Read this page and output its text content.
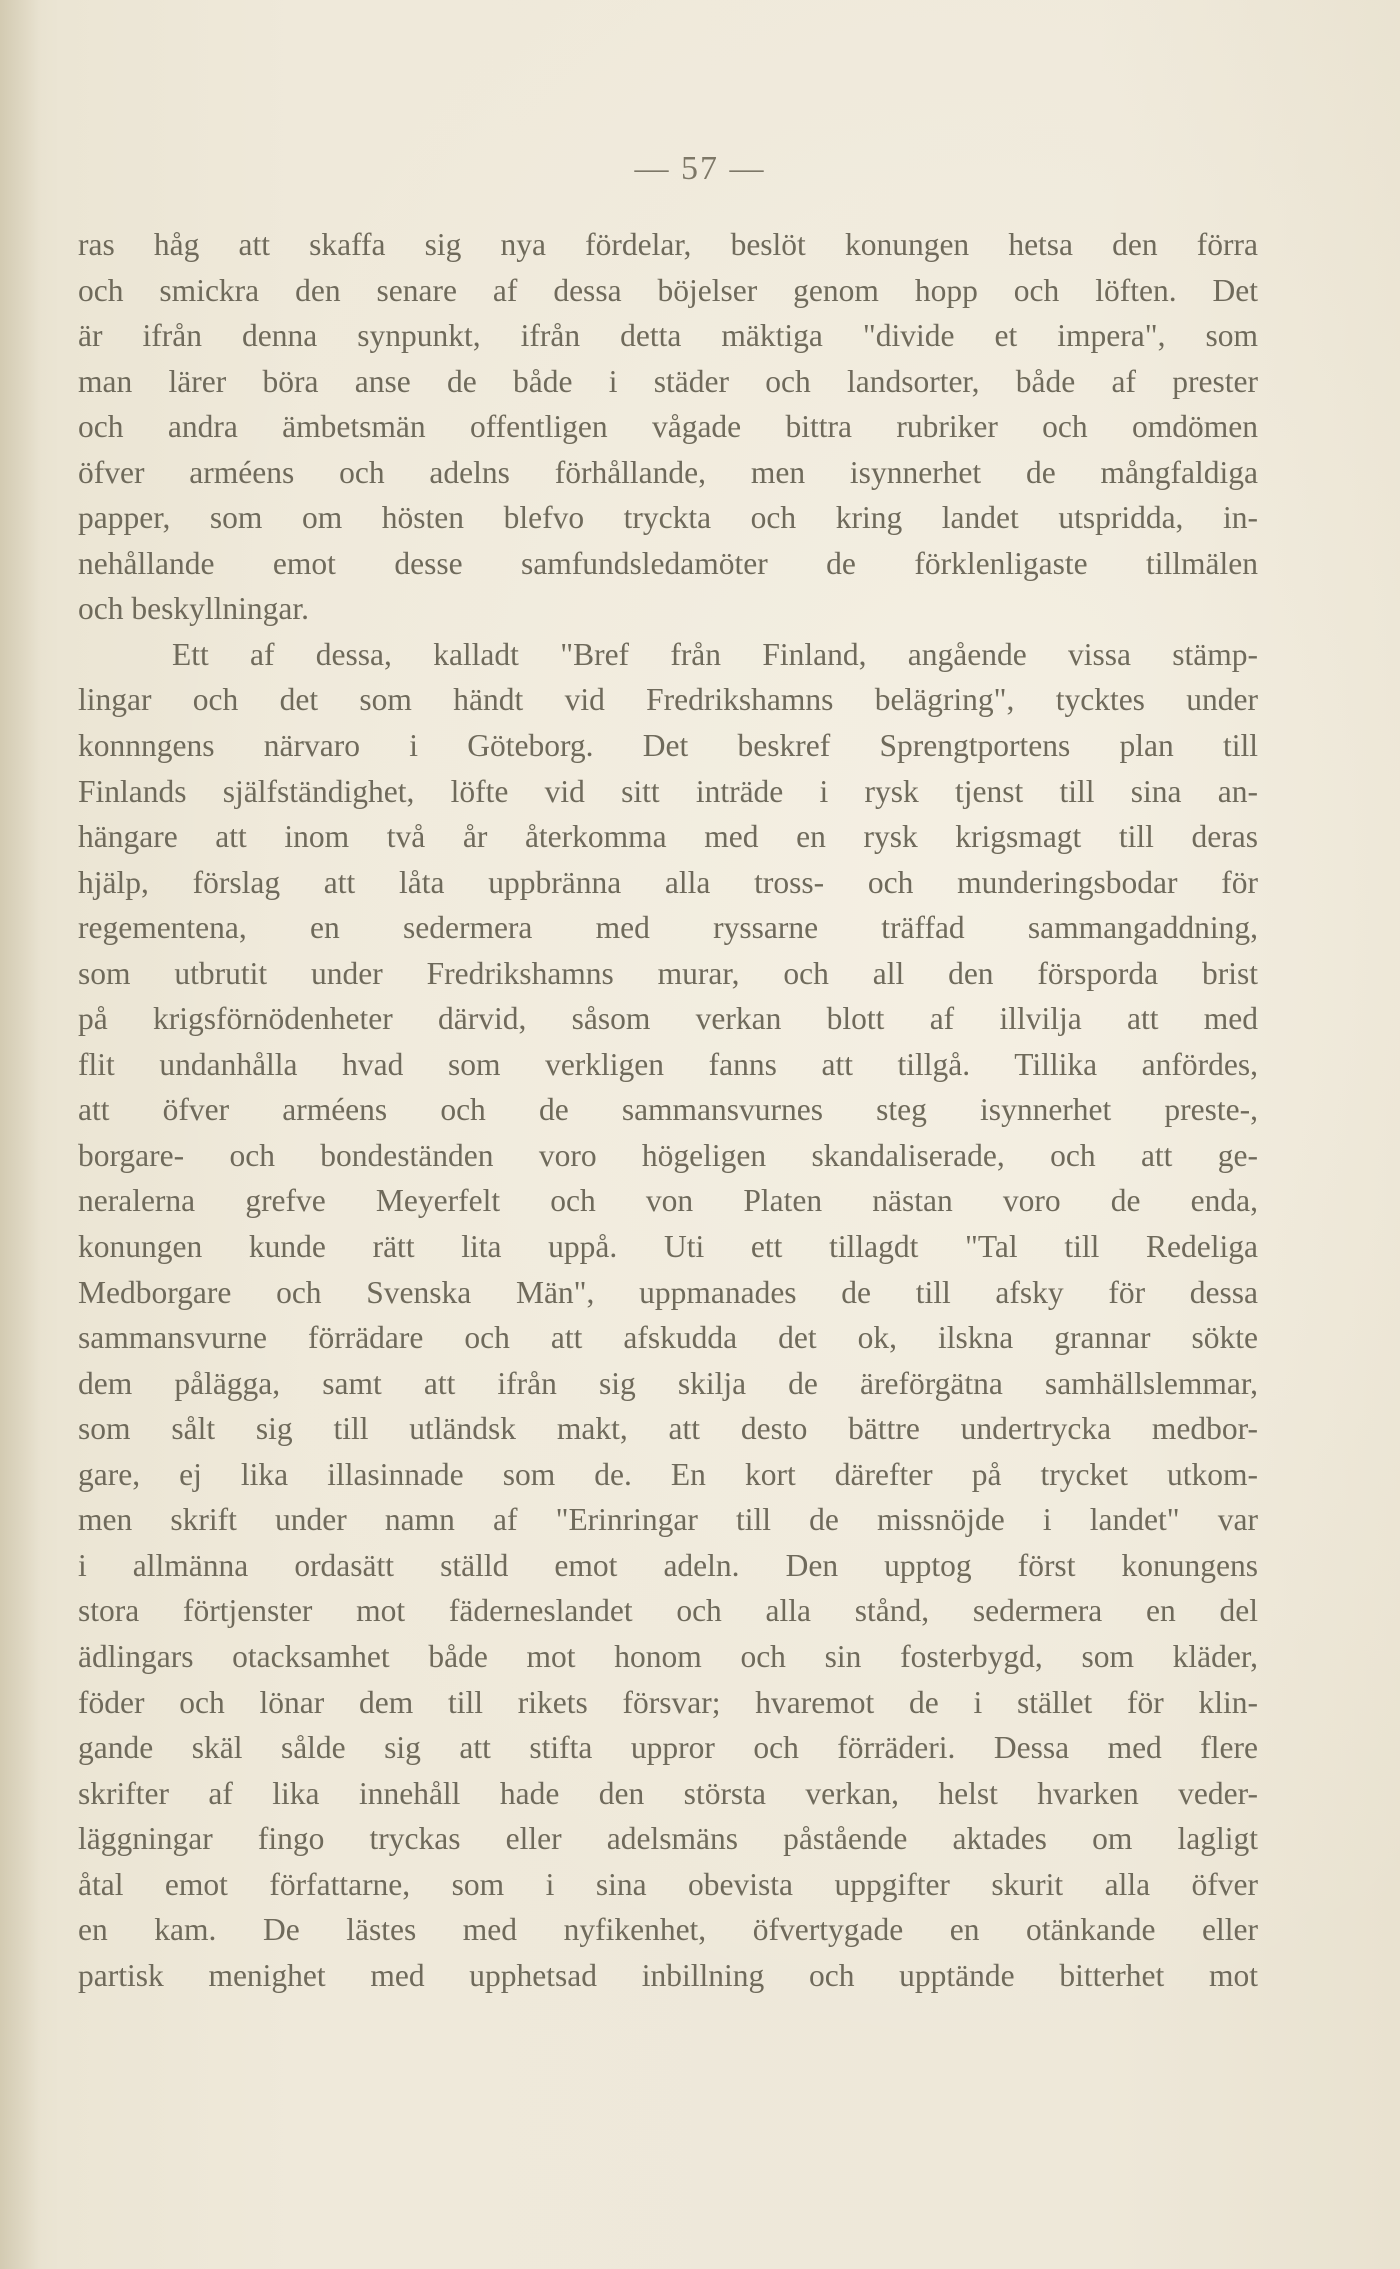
— 57 —
ras håg att skaffa sig nya fördelar, beslöt konungen hetsa den förra
och smickra den senare af dessa böjelser genom hopp och löften. Det
är ifrån denna synpunkt, ifrån detta mäktiga "divide et impera", som
man lärer böra anse de både i städer och landsorter, både af prester
och andra ämbetsmän offentligen vågade bittra rubriker och omdömen
öfver arméens och adelns förhållande, men isynnerhet de mångfaldiga
papper, som om hösten blefvo tryckta och kring landet utspridda, in-
nehållande emot desse samfundsledamöter de förklenligaste tillmälen
och beskyllningar.
Ett af dessa, kalladt "Bref från Finland, angående vissa stämp-
lingar och det som händt vid Fredrikshamns belägring", tycktes under
konnngens närvaro i Göteborg. Det beskref Sprengtportens plan till
Finlands själfständighet, löfte vid sitt inträde i rysk tjenst till sina an-
hängare att inom två år återkomma med en rysk krigsmagt till deras
hjälp, förslag att låta uppbränna alla tross- och munderingsbodar för
regementena, en sedermera med ryssarne träffad sammangaddning,
som utbrutit under Fredrikshamns murar, och all den försporda brist
på krigsförnödenheter därvid, såsom verkan blott af illvilja att med
flit undanhålla hvad som verkligen fanns att tillgå. Tillika anfördes,
att öfver arméens och de sammansvurnes steg isynnerhet preste-,
borgare- och bondeständen voro högeligen skandaliserade, och att ge-
neralerna grefve Meyerfelt och von Platen nästan voro de enda,
konungen kunde rätt lita uppå. Uti ett tillagdt "Tal till Redeliga
Medborgare och Svenska Män", uppmanades de till afsky för dessa
sammansvurne förrädare och att afskudda det ok, ilskna grannar sökte
dem pålägga, samt att ifrån sig skilja de äreförgätna samhällslemmar,
som sålt sig till utländsk makt, att desto bättre undertrycka medbor-
gare, ej lika illasinnade som de. En kort därefter på trycket utkom-
men skrift under namn af "Erinringar till de missnöjde i landet" var
i allmänna ordasätt ställd emot adeln. Den upptog först konungens
stora förtjenster mot fäderneslandet och alla stånd, sedermera en del
ädlingars otacksamhet både mot honom och sin fosterbygd, som kläder,
föder och lönar dem till rikets försvar; hvaremot de i stället för klin-
gande skäl sålde sig att stifta uppror och förräderi. Dessa med flere
skrifter af lika innehåll hade den största verkan, helst hvarken veder-
läggningar fingo tryckas eller adelsmäns påstående aktades om lagligt
åtal emot författarne, som i sina obevista uppgifter skurit alla öfver
en kam. De lästes med nyfikenhet, öfvertygade en otänkande eller
partisk menighet med upphetsad inbillning och upptände bitterhet mot
